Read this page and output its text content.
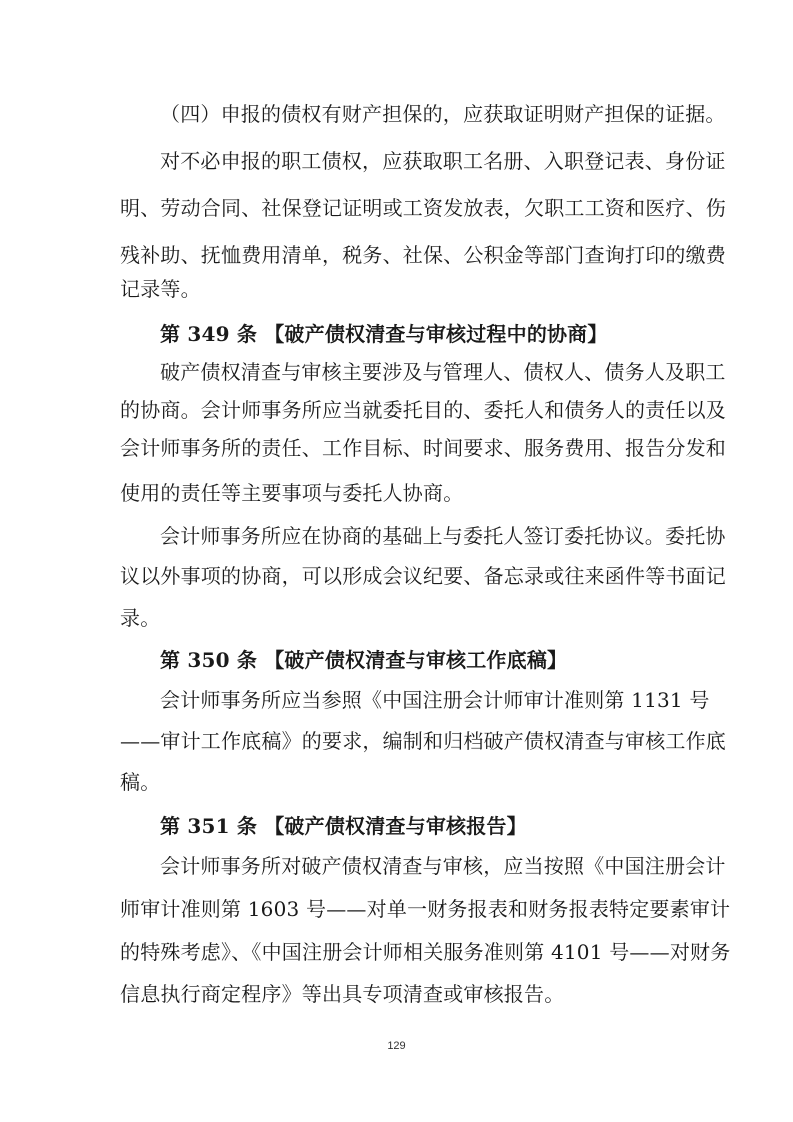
（四）申报的债权有财产担保的，应获取证明财产担保的证据。
对不必申报的职工债权，应获取职工名册、入职登记表、身份证
明、劳动合同、社保登记证明或工资发放表，欠职工工资和医疗、伤
残补助、抚恤费用清单，税务、社保、公积金等部门查询打印的缴费
记录等。
第 349 条 【破产债权清查与审核过程中的协商】
破产债权清查与审核主要涉及与管理人、债权人、债务人及职工
的协商。会计师事务所应当就委托目的、委托人和债务人的责任以及
会计师事务所的责任、工作目标、时间要求、服务费用、报告分发和
使用的责任等主要事项与委托人协商。
会计师事务所应在协商的基础上与委托人签订委托协议。委托协
议以外事项的协商，可以形成会议纪要、备忘录或往来函件等书面记
录。
第 350 条 【破产债权清查与审核工作底稿】
会计师事务所应当参照《中国注册会计师审计准则第 1131 号
——审计工作底稿》的要求，编制和归档破产债权清查与审核工作底
稿。
第 351 条 【破产债权清查与审核报告】
会计师事务所对破产债权清查与审核，应当按照《中国注册会计
师审计准则第 1603 号——对单一财务报表和财务报表特定要素审计
的特殊考虑》、《中国注册会计师相关服务准则第 4101 号——对财务
信息执行商定程序》等出具专项清查或审核报告。
129
